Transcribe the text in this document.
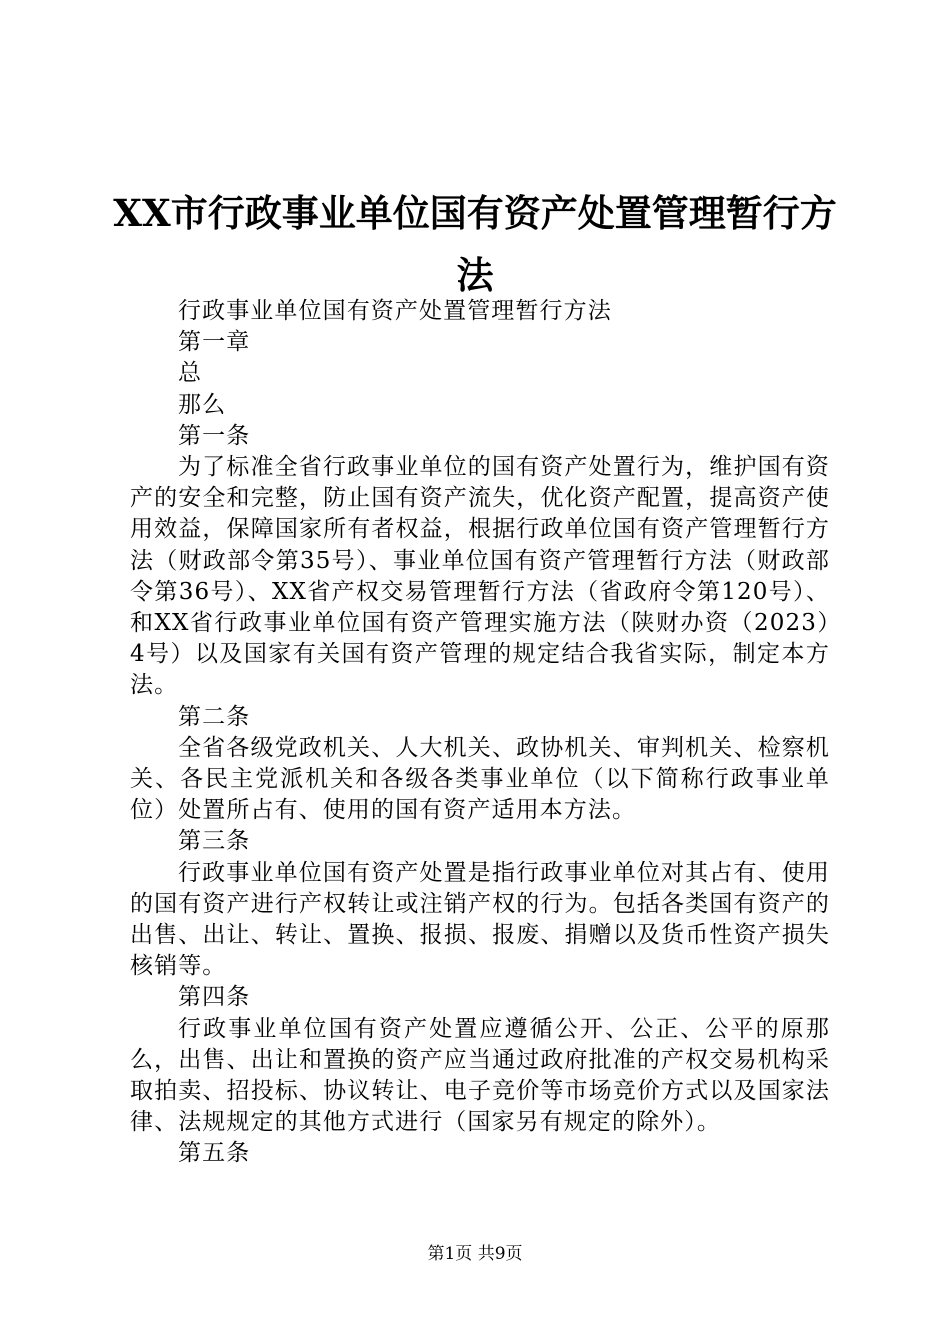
XX市行政事业单位国有资产处置管理暂行方法

行政事业单位国有资产处置管理暂行方法

第一章

总

那么

第一条

为了标准全省行政事业单位的国有资产处置行为，维护国有资产的安全和完整，防止国有资产流失，优化资产配置，提高资产使用效益，保障国家所有者权益，根据行政单位国有资产管理暂行方法（财政部令第35号）、事业单位国有资产管理暂行方法（财政部令第36号）、XX省产权交易管理暂行方法（省政府令第120号）、和XX省行政事业单位国有资产管理实施方法（陕财办资（2023）4号）以及国家有关国有资产管理的规定结合我省实际，制定本方法。

第二条

全省各级党政机关、人大机关、政协机关、审判机关、检察机关、各民主党派机关和各级各类事业单位（以下简称行政事业单位）处置所占有、使用的国有资产适用本方法。

第三条

行政事业单位国有资产处置是指行政事业单位对其占有、使用的国有资产进行产权转让或注销产权的行为。包括各类国有资产的出售、出让、转让、置换、报损、报废、捐赠以及货币性资产损失核销等。

第四条

行政事业单位国有资产处置应遵循公开、公正、公平的原那么，出售、出让和置换的资产应当通过政府批准的产权交易机构采取拍卖、招投标、协议转让、电子竞价等市场竞价方式以及国家法律、法规规定的其他方式进行（国家另有规定的除外）。

第五条

第1页 共9页
